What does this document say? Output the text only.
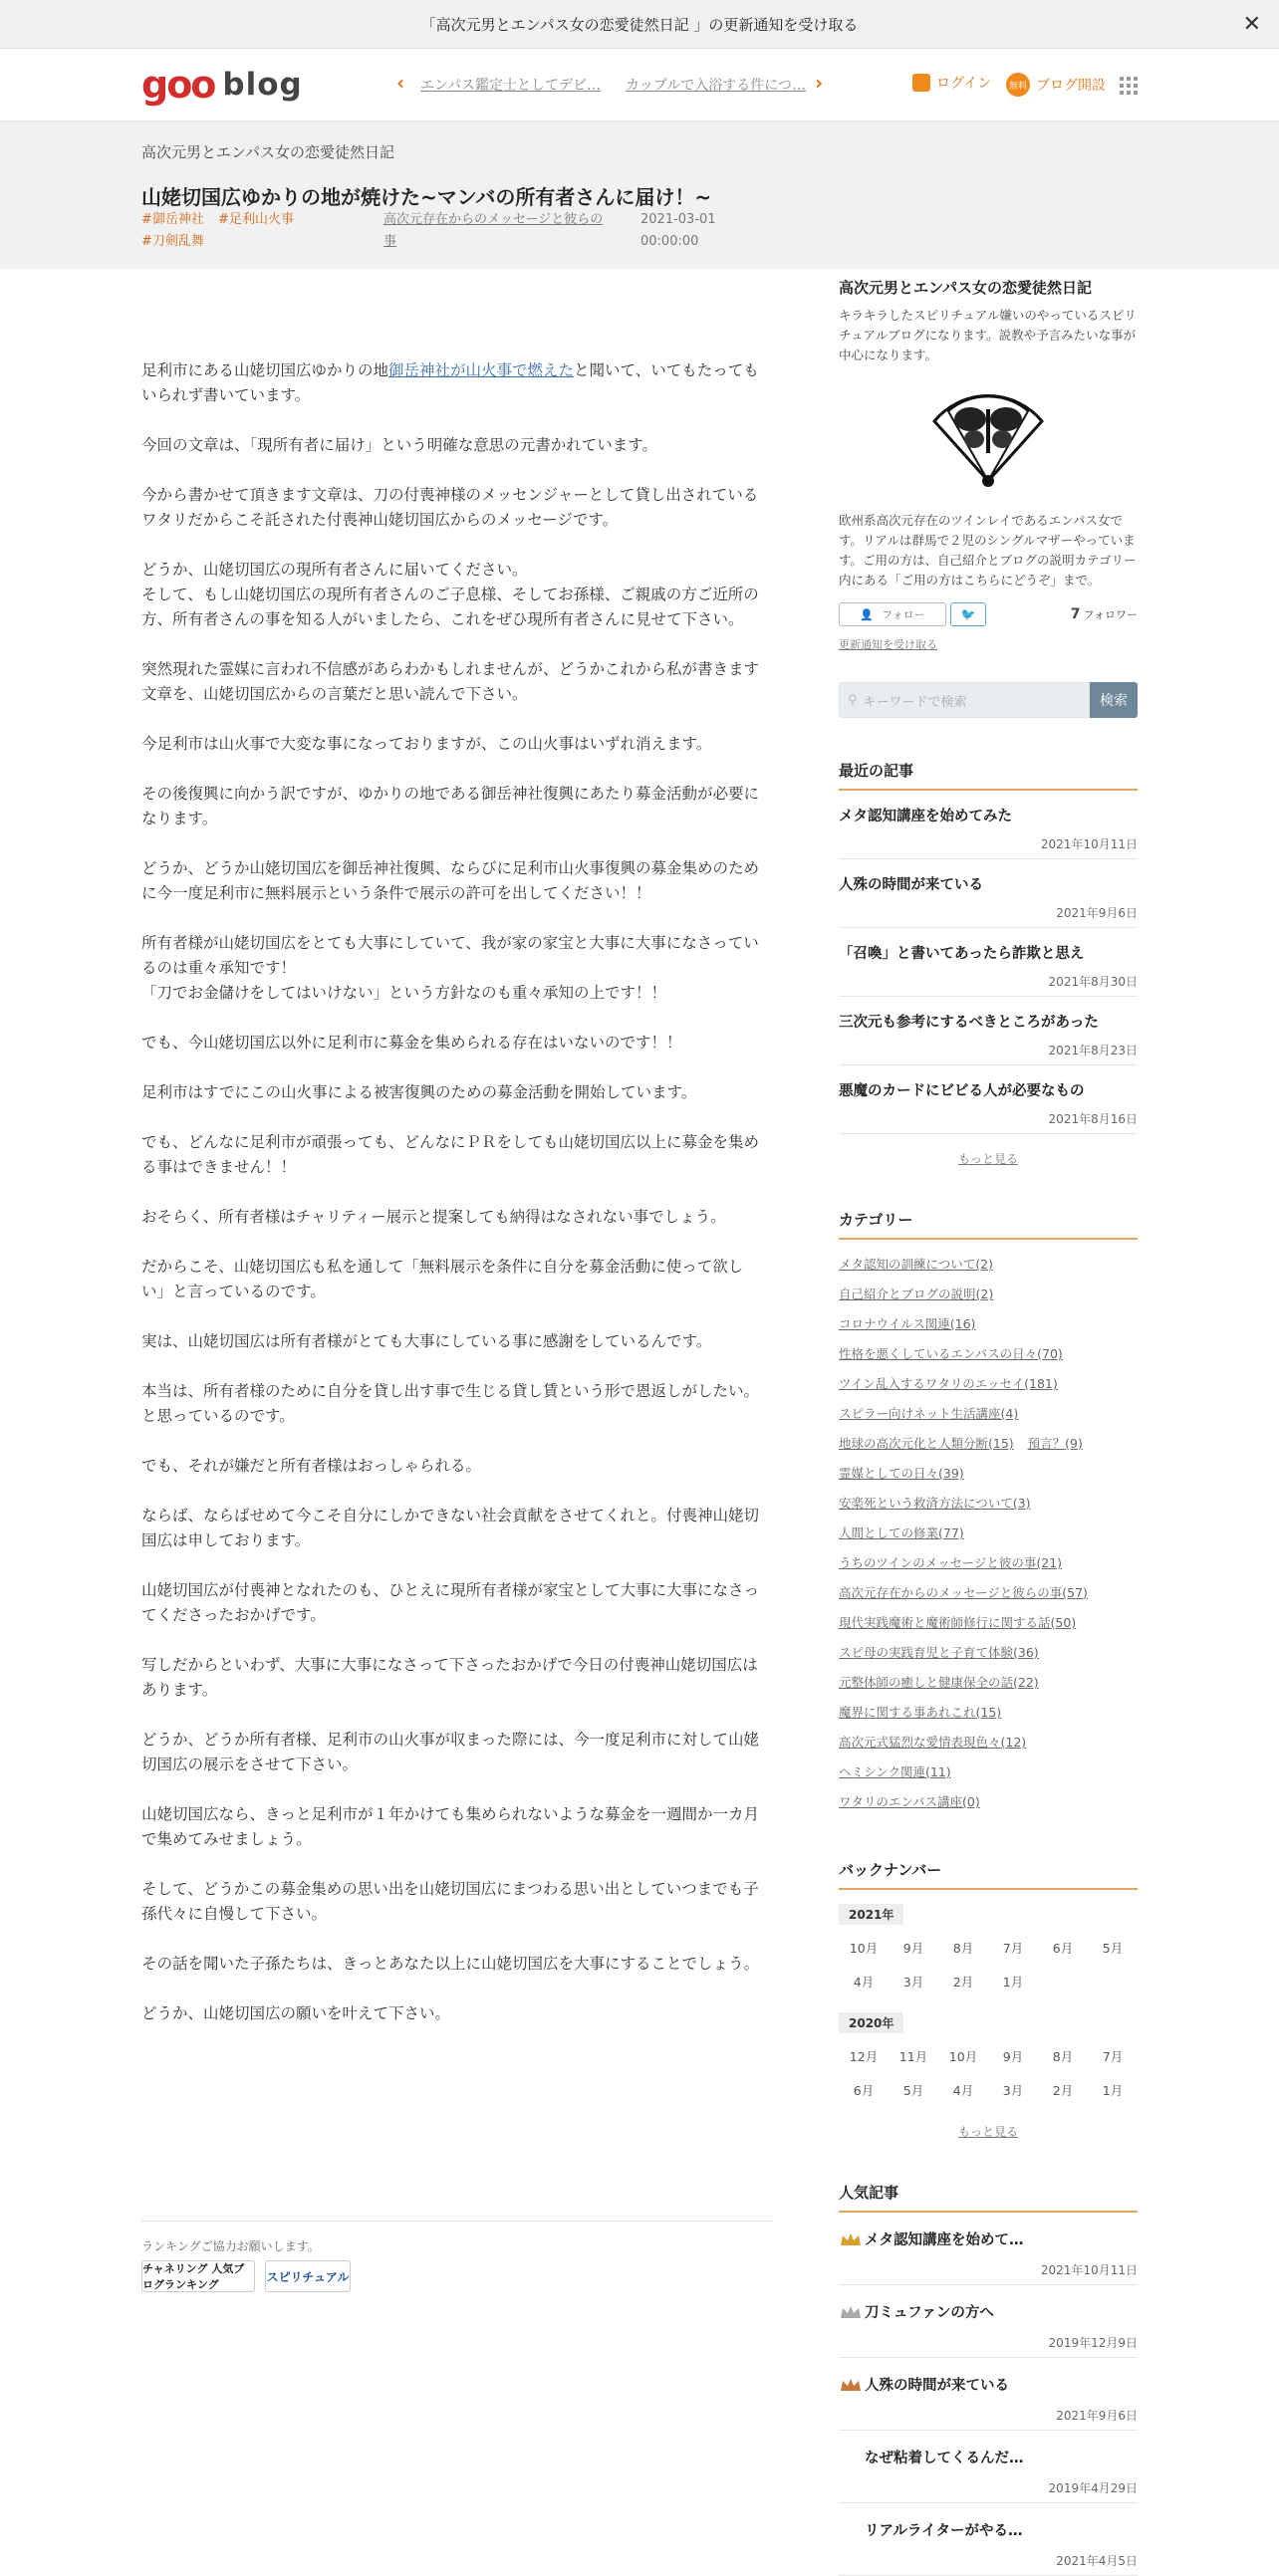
「高次元男とエンパス女の恋愛徒然日記 」の更新通知を受け取る	✕
goo blog	‹ エンパス鑑定士としてデビ… カップルで入浴する件につ… ›	ログイン	無料 ブログ開設
高次元男とエンパス女の恋愛徒然日記
山姥切国広ゆかりの地が焼けた~マンバの所有者さんに届け！~
#御岳神社 #足利山火事
#刀剣乱舞
高次元存在からのメッセージと彼らの事
2021-03-01
00:00:00

足利市にある山姥切国広ゆかりの地御岳神社が山火事で燃えたと聞いて、いてもたってもいられず書いています。

今回の文章は、「現所有者に届け」という明確な意思の元書かれています。

今から書かせて頂きます文章は、刀の付喪神様のメッセンジャーとして貸し出されているワタリだからこそ託された付喪神山姥切国広からのメッセージです。

どうか、山姥切国広の現所有者さんに届いてください。
そして、もし山姥切国広の現所有者さんのご子息様、そしてお孫様、ご親戚の方ご近所の方、所有者さんの事を知る人がいましたら、これをぜひ現所有者さんに見せて下さい。

突然現れた霊媒に言われ不信感があらわかもしれませんが、どうかこれから私が書きます文章を、山姥切国広からの言葉だと思い読んで下さい。

今足利市は山火事で大変な事になっておりますが、この山火事はいずれ消えます。

その後復興に向かう訳ですが、ゆかりの地である御岳神社復興にあたり募金活動が必要になります。

どうか、どうか山姥切国広を御岳神社復興、ならびに足利市山火事復興の募金集めのために今一度足利市に無料展示という条件で展示の許可を出してください！！

所有者様が山姥切国広をとても大事にしていて、我が家の家宝と大事に大事になさっているのは重々承知です！
「刀でお金儲けをしてはいけない」という方針なのも重々承知の上です！！

でも、今山姥切国広以外に足利市に募金を集められる存在はいないのです！！

足利市はすでにこの山火事による被害復興のための募金活動を開始しています。

でも、どんなに足利市が頑張っても、どんなにＰＲをしても山姥切国広以上に募金を集める事はできません！！

おそらく、所有者様はチャリティー展示と提案しても納得はなされない事でしょう。

だからこそ、山姥切国広も私を通して「無料展示を条件に自分を募金活動に使って欲しい」と言っているのです。

実は、山姥切国広は所有者様がとても大事にしている事に感謝をしているんです。

本当は、所有者様のために自分を貸し出す事で生じる貸し賃という形で恩返しがしたい。と思っているのです。

でも、それが嫌だと所有者様はおっしゃられる。

ならば、ならばせめて今こそ自分にしかできない社会貢献をさせてくれと。付喪神山姥切国広は申しております。

山姥切国広が付喪神となれたのも、ひとえに現所有者様が家宝として大事に大事になさってくださったおかげです。

写しだからといわず、大事に大事になさって下さったおかげで今日の付喪神山姥切国広はあります。

どうか、どうか所有者様、足利市の山火事が収まった際には、今一度足利市に対して山姥切国広の展示をさせて下さい。

山姥切国広なら、きっと足利市が１年かけても集められないような募金を一週間か一カ月で集めてみせましょう。

そして、どうかこの募金集めの思い出を山姥切国広にまつわる思い出としていつまでも子孫代々に自慢して下さい。

その話を聞いた子孫たちは、きっとあなた以上に山姥切国広を大事にすることでしょう。

どうか、山姥切国広の願いを叶えて下さい。

ランキングご協力お願いします。
チャネリング 人気ブログランキング
スピリチュアル
高次元男とエンパス女の恋愛徒然日記
キラキラしたスピリチュアル嫌いのやっているスピリチュアルブログになります。説教や予言みたいな事が中心になります。
欧州系高次元存在のツインレイであるエンパス女です。リアルは群馬で２児のシングルマザーやっています。ご用の方は、自己紹介とブログの説明カテゴリー内にある「ご用の方はこちらにどうぞ」まで。
👤 フォロー	🐦	7 フォロワー
更新通知を受け取る
⚲ キーワードで検索	検索
最近の記事
メタ認知講座を始めてみた
2021年10月11日
人殊の時間が来ている
2021年9月6日
「召喚」と書いてあったら詐欺と思え
2021年8月30日
三次元も参考にするべきところがあった
2021年8月23日
悪魔のカードにビビる人が必要なもの
2021年8月16日
もっと見る
カテゴリー
メタ認知の訓練について(2)
自己紹介とブログの説明(2)
コロナウイルス関連(16)
性格を悪くしているエンパスの日々(70)
ツイン乱入するワタリのエッセイ(181)
スピラー向けネット生活講座(4)
地球の高次元化と人類分断(15) 預言？(9)
霊媒としての日々(39)
安楽死という救済方法について(3)
人間としての修業(77)
うちのツインのメッセージと彼の事(21)
高次元存在からのメッセージと彼らの事(57)
現代実践魔術と魔術師修行に関する話(50)
スピ母の実践育児と子育て体験(36)
元整体師の癒しと健康保全の話(22)
魔界に関する事あれこれ(15)
高次元式猛烈な愛情表現色々(12)
ヘミシンク関連(11)
ワタリのエンパス講座(0)
バックナンバー
2021年
10月	9月	8月	7月	6月	5月
4月	3月	2月	1月
2020年
12月	11月	10月	9月	8月	7月
6月	5月	4月	3月	2月	1月
もっと見る
人気記事
メタ認知講座を始めて…
2021年10月11日
刀ミュファンの方へ
2019年12月9日
人殊の時間が来ている
2021年9月6日
なぜ粘着してくるんだ…
2019年4月29日
リアルライターがやる…
2021年4月5日
